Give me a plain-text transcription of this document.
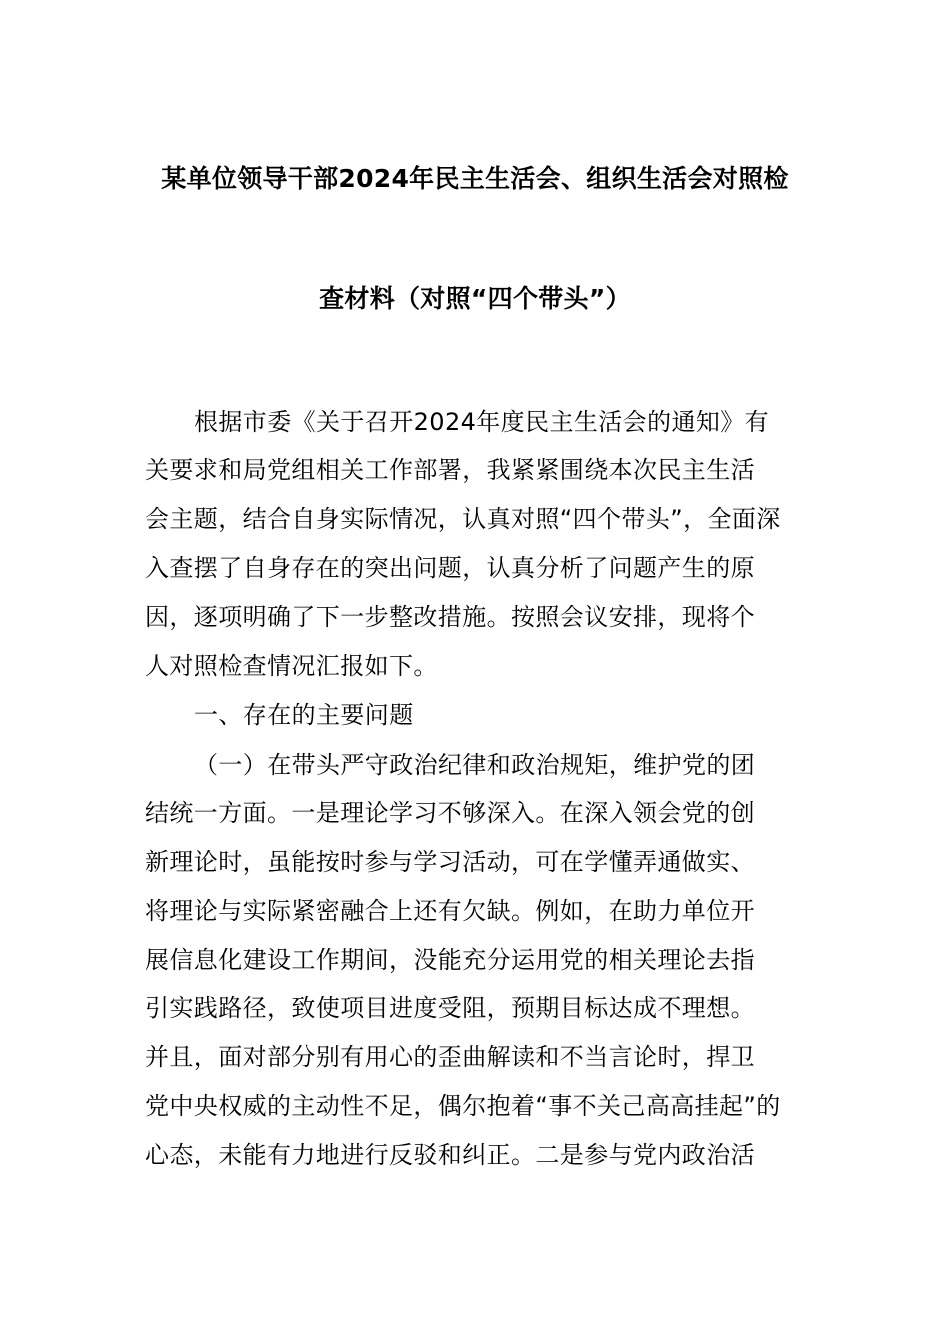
某单位领导干部2024年民主生活会、组织生活会对照检
查材料（对照“四个带头”）
根据市委《关于召开2024年度民主生活会的通知》有
关要求和局党组相关工作部署，我紧紧围绕本次民主生活
会主题，结合自身实际情况，认真对照“四个带头”，全面深
入查摆了自身存在的突出问题，认真分析了问题产生的原
因，逐项明确了下一步整改措施。按照会议安排，现将个
人对照检查情况汇报如下。
一、存在的主要问题
（一）在带头严守政治纪律和政治规矩，维护党的团
结统一方面。一是理论学习不够深入。在深入领会党的创
新理论时，虽能按时参与学习活动，可在学懂弄通做实、
将理论与实际紧密融合上还有欠缺。例如，在助力单位开
展信息化建设工作期间，没能充分运用党的相关理论去指
引实践路径，致使项目进度受阻，预期目标达成不理想。
并且，面对部分别有用心的歪曲解读和不当言论时，捍卫
党中央权威的主动性不足，偶尔抱着“事不关己高高挂起”的
心态，未能有力地进行反驳和纠正。二是参与党内政治活
